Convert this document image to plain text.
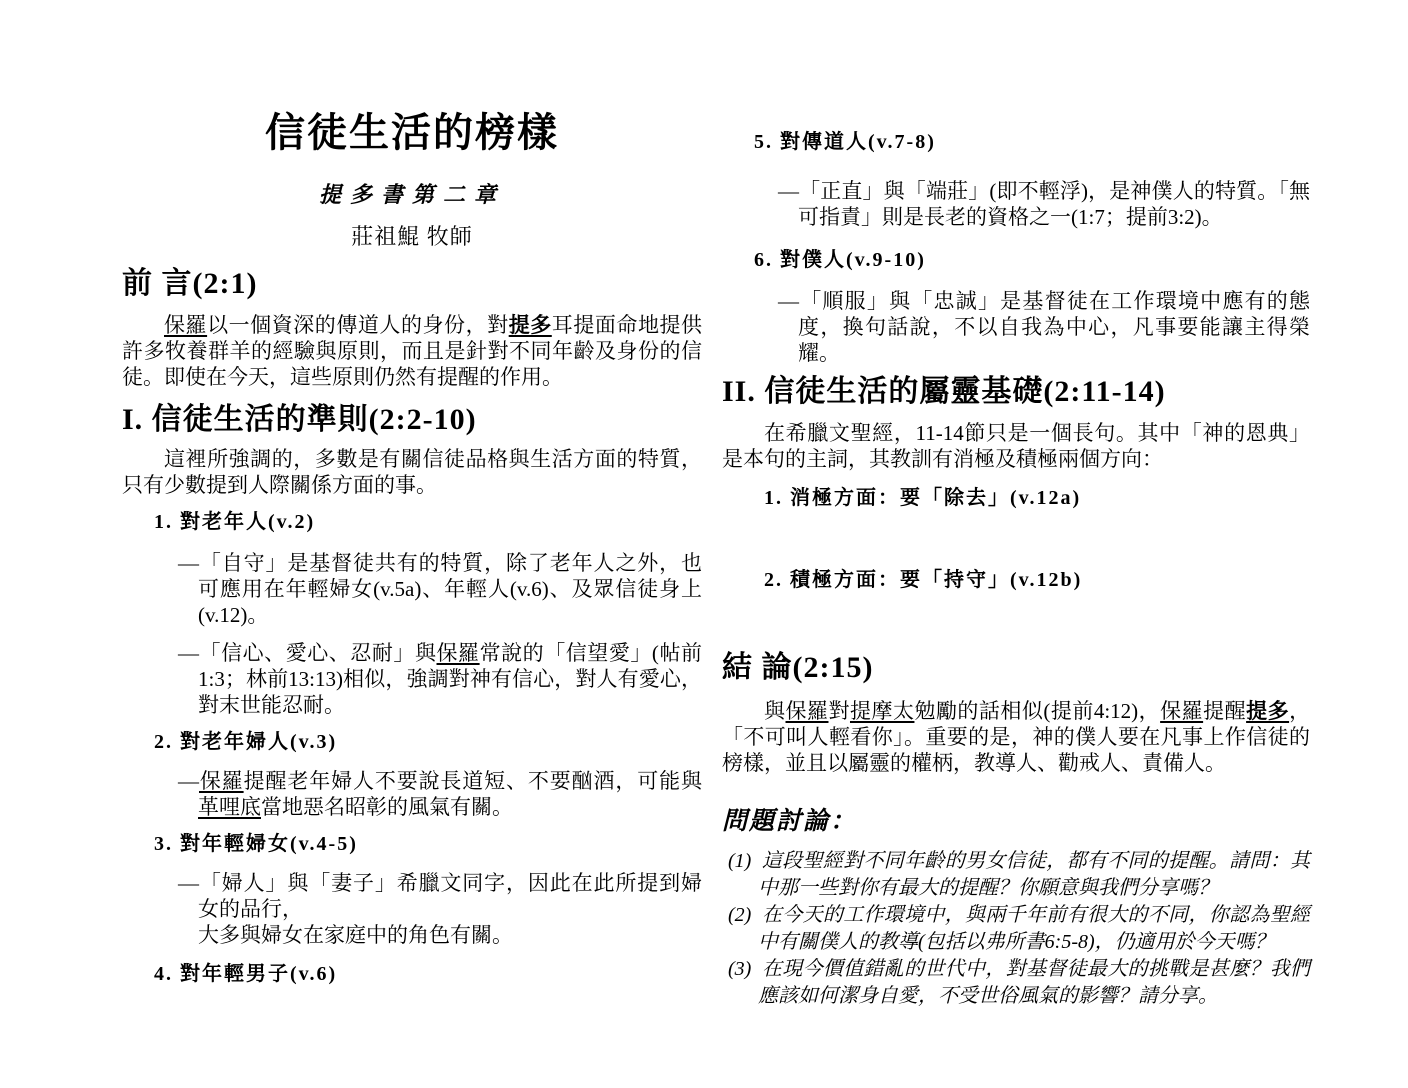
信徒生活的榜樣
提多書第二章
莊祖鯤 牧師
前 言(2:1)

保羅以一個資深的傳道人的身份，對提多耳提面命地提供許多牧養群羊的經驗與原則，而且是針對不同年齡及身份的信徒。即使在今天，這些原則仍然有提醒的作用。

I. 信徒生活的準則(2:2-10)

這裡所強調的，多數是有關信徒品格與生活方面的特質，只有少數提到人際關係方面的事。

1. 對老年人(v.2)

—「自守」是基督徒共有的特質，除了老年人之外，也可應用在年輕婦女(v.5a)、年輕人(v.6)、及眾信徒身上(v.12)。

—「信心、愛心、忍耐」與保羅常說的「信望愛」(帖前1:3；林前13:13)相似，強調對神有信心，對人有愛心，對末世能忍耐。

2. 對老年婦人(v.3)

—保羅提醒老年婦人不要說長道短、不要酗酒，可能與革哩底當地惡名昭彰的風氣有關。

3. 對年輕婦女(v.4-5)

—「婦人」與「妻子」希臘文同字，因此在此所提到婦女的品行，
大多與婦女在家庭中的角色有關。

4. 對年輕男子(v.6)
5. 對傳道人(v.7-8)

—「正直」與「端莊」(即不輕浮)，是神僕人的特質。「無可指責」則是長老的資格之一(1:7；提前3:2)。

6. 對僕人(v.9-10)

—「順服」與「忠誠」是基督徒在工作環境中應有的態度，換句話說，不以自我為中心，凡事要能讓主得榮耀。

II. 信徒生活的屬靈基礎(2:11-14)

在希臘文聖經，11-14節只是一個長句。其中「神的恩典」是本句的主詞，其教訓有消極及積極兩個方向：

1. 消極方面：要「除去」(v.12a)
2. 積極方面：要「持守」(v.12b)
結 論(2:15)

與保羅對提摩太勉勵的話相似(提前4:12)，保羅提醒提多，「不可叫人輕看你」。重要的是，神的僕人要在凡事上作信徒的榜樣，並且以屬靈的權柄，教導人、勸戒人、責備人。

問題討論：

(1) 這段聖經對不同年齡的男女信徒，都有不同的提醒。請問：其中那一些對你有最大的提醒？你願意與我們分享嗎？

(2) 在今天的工作環境中，與兩千年前有很大的不同，你認為聖經中有關僕人的教導(包括以弗所書6:5-8)，仍適用於今天嗎？

(3) 在現今價值錯亂的世代中，對基督徒最大的挑戰是甚麼？我們應該如何潔身自愛，不受世俗風氣的影響？請分享。
